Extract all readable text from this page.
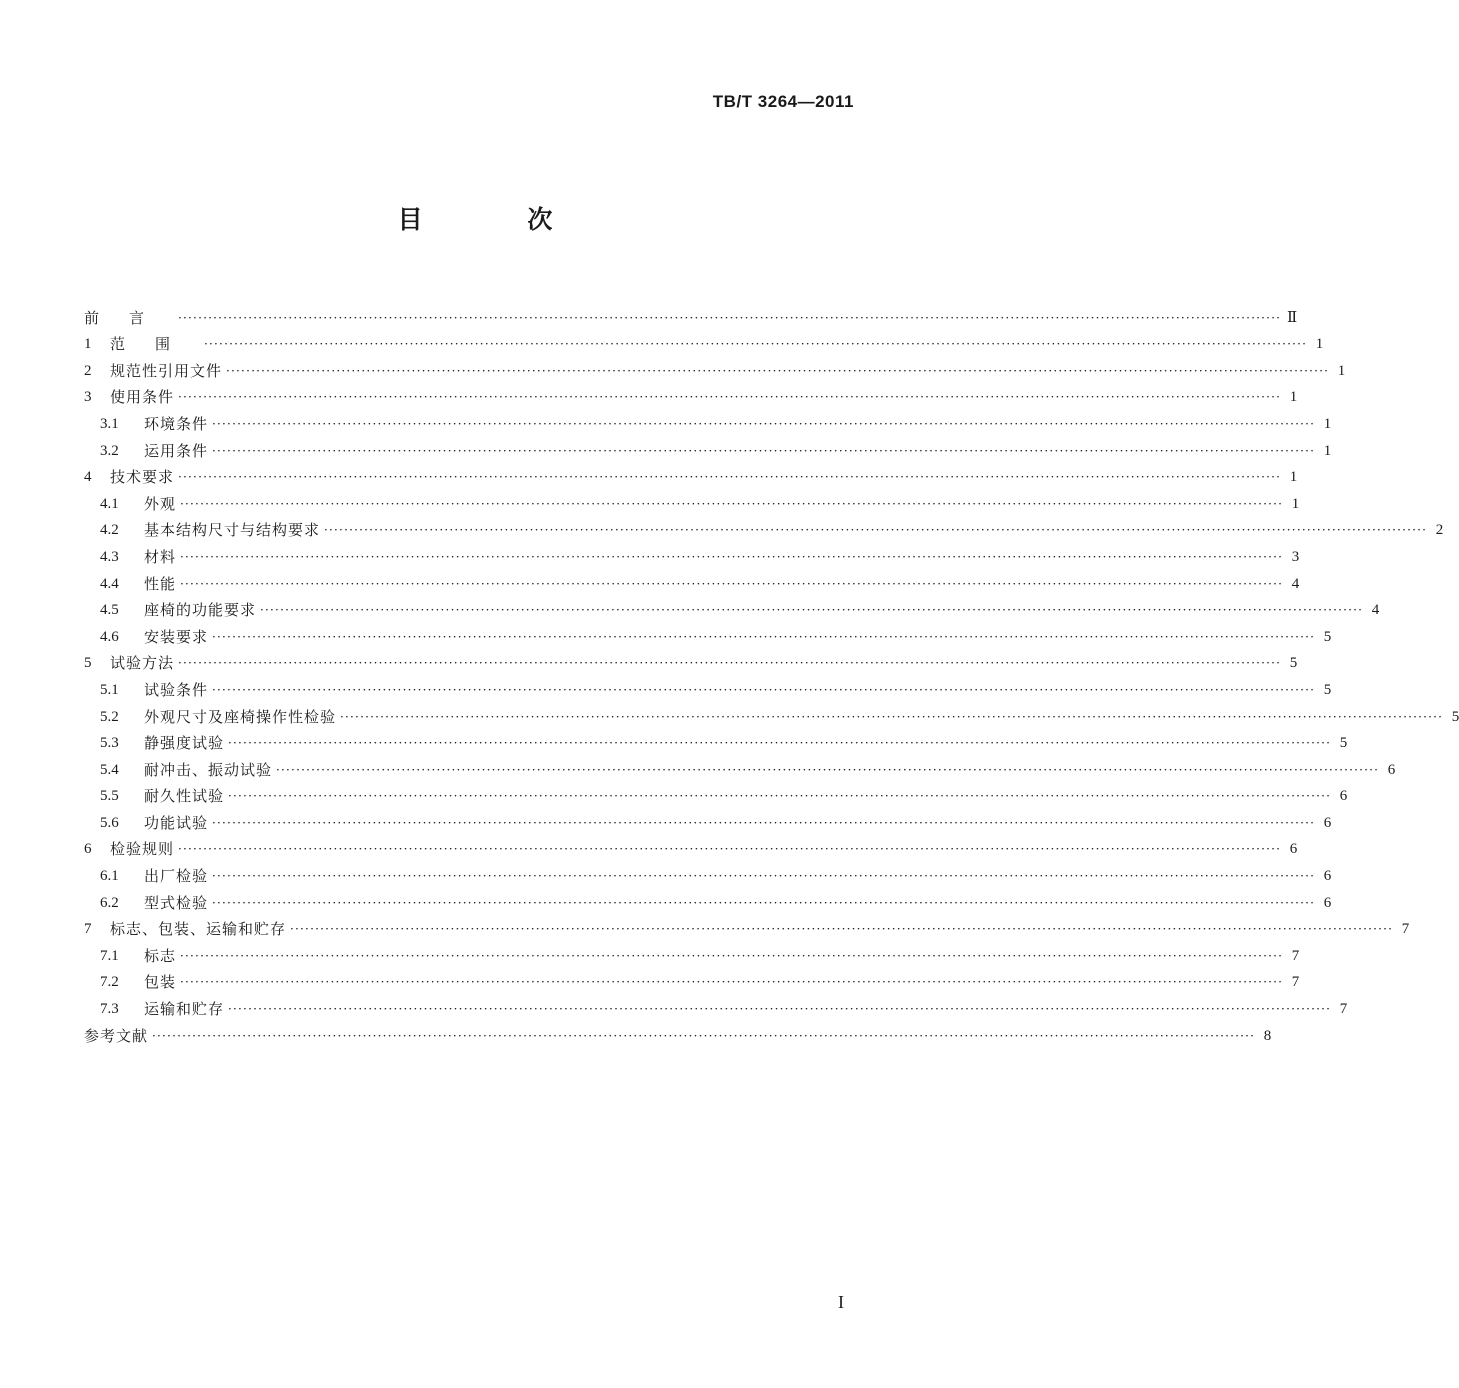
TB/T 3264—2011
目 次
前言 ···························································································································································································································· Ⅱ
1	范围 ···························································································································································································································· 1
2	规范性引用文件 ···························································································································································································································· 1
3	使用条件 ···························································································································································································································· 1
3.1	环境条件 ···························································································································································································································· 1
3.2	运用条件 ···························································································································································································································· 1
4	技术要求 ···························································································································································································································· 1
4.1	外观 ···························································································································································································································· 1
4.2	基本结构尺寸与结构要求 ···························································································································································································································· 2
4.3	材料 ···························································································································································································································· 3
4.4	性能 ···························································································································································································································· 4
4.5	座椅的功能要求 ···························································································································································································································· 4
4.6	安装要求 ···························································································································································································································· 5
5	试验方法 ···························································································································································································································· 5
5.1	试验条件 ···························································································································································································································· 5
5.2	外观尺寸及座椅操作性检验 ···························································································································································································································· 5
5.3	静强度试验 ···························································································································································································································· 5
5.4	耐冲击、振动试验 ···························································································································································································································· 6
5.5	耐久性试验 ···························································································································································································································· 6
5.6	功能试验 ···························································································································································································································· 6
6	检验规则 ···························································································································································································································· 6
6.1	出厂检验 ···························································································································································································································· 6
6.2	型式检验 ···························································································································································································································· 6
7	标志、包装、运输和贮存 ···························································································································································································································· 7
7.1	标志 ···························································································································································································································· 7
7.2	包装 ···························································································································································································································· 7
7.3	运输和贮存 ···························································································································································································································· 7
参考文献 ···························································································································································································································· 8
I
